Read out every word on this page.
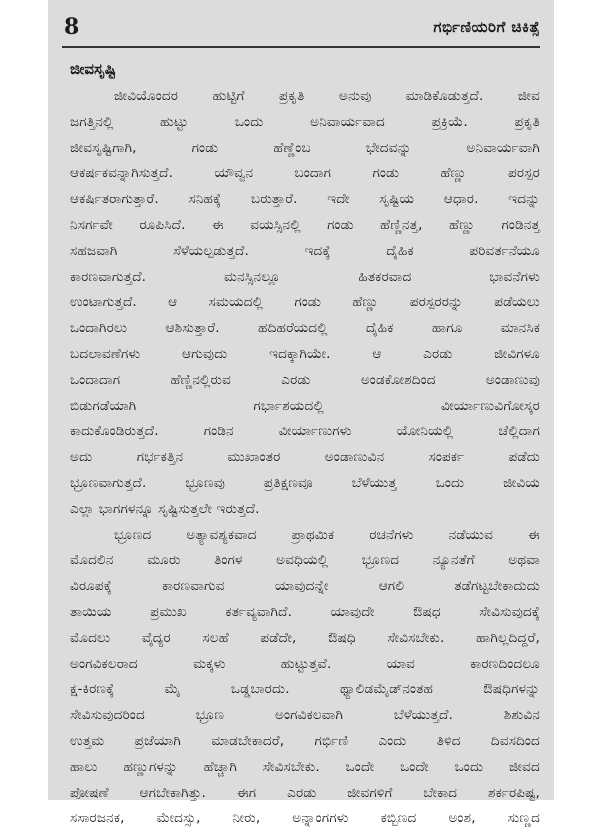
8	ಗರ್ಭಿಣಿಯರಿಗೆ ಚಿಕಿತ್ಸೆ
ಜೀವಸೃಷ್ಟಿ
ಜೀವಿಯೊಂದರ ಹುಟ್ಟಿಗೆ ಪ್ರಕೃತಿ ಅನುವು ಮಾಡಿಕೊಡುತ್ತದೆ. ಜೀವ
ಜಗತ್ತಿನಲ್ಲಿ ಹುಟ್ಟು ಒಂದು ಅನಿವಾರ್ಯವಾದ ಪ್ರಕ್ರಿಯೆ. ಪ್ರಕೃತಿ
ಜೀವಸೃಷ್ಟಿಗಾಗಿ, ಗಂಡು ಹೆಣ್ಣೆಂಬ ಭೇದವನ್ನು ಅನಿವಾರ್ಯವಾಗಿ
ಆಕರ್ಷಕವನ್ನಾಗಿಸುತ್ತದೆ. ಯೌವ್ವನ ಬಂದಾಗ ಗಂಡು ಹೆಣ್ಣು ಪರಸ್ಪರ
ಆಕರ್ಷಿತರಾಗುತ್ತಾರೆ. ಸನಿಹಕ್ಕೆ ಬರುತ್ತಾರೆ. ಇದೇ ಸೃಷ್ಟಿಯ ಆಧಾರ. ಇದನ್ನು
ನಿಸರ್ಗವೇ ರೂಪಿಸಿದೆ. ಈ ವಯಸ್ಸಿನಲ್ಲಿ ಗಂಡು ಹೆಣ್ಣಿನತ್ತ, ಹೆಣ್ಣು ಗಂಡಿನತ್ತ
ಸಹಜವಾಗಿ ಸೆಳೆಯಲ್ಪಡುತ್ತದೆ. ಇದಕ್ಕೆ ದೈಹಿಕ ಪರಿವರ್ತನೆಯೂ
ಕಾರಣವಾಗುತ್ತದೆ. ಮನಸ್ಸಿನಲ್ಲೂ ಹಿತಕರವಾದ ಭಾವನೆಗಳು
ಉಂಟಾಗುತ್ತದೆ. ಆ ಸಮಯದಲ್ಲಿ ಗಂಡು ಹೆಣ್ಣು ಪರಸ್ಪರರನ್ನು ಪಡೆಯಲು
ಒಂದಾಗಿರಲು ಆಶಿಸುತ್ತಾರೆ. ಹದಿಹರೆಯದಲ್ಲಿ ದೈಹಿಕ ಹಾಗೂ ಮಾನಸಿಕ
ಬದಲಾವಣೆಗಳು ಆಗುವುದು ಇದಕ್ಕಾಗಿಯೇ. ಆ ಎರಡು ಜೀವಿಗಳೂ
ಒಂದಾದಾಗ ಹೆಣ್ಣಿನಲ್ಲಿರುವ ಎರಡು ಅಂಡಕೋಶದಿಂದ ಅಂಡಾಣುವು
ಬಿಡುಗಡೆಯಾಗಿ ಗರ್ಭಾಶಯದಲ್ಲಿ ವೀರ್ಯಾಣುವಿಗೋಸ್ಕರ
ಕಾದುಕೊಂಡಿರುತ್ತದೆ. ಗಂಡಿನ ವೀರ್ಯಾಣುಗಳು ಯೋನಿಯಲ್ಲಿ ಚೆಲ್ಲಿದಾಗ
ಅದು ಗರ್ಭಕತ್ತಿನ ಮುಖಾಂತರ ಅಂಡಾಣುವಿನ ಸಂಪರ್ಕ ಪಡೆದು
ಭ್ರೂಣವಾಗುತ್ತದೆ. ಭ್ರೂಣವು ಪ್ರತಿಕ್ಷಣವೂ ಬೆಳೆಯುತ್ತ ಒಂದು ಜೀವಿಯ
ಎಲ್ಲಾ ಭಾಗಗಳನ್ನೂ ಸೃಷ್ಟಿಸುತ್ತಲೇ ಇರುತ್ತದೆ.
ಭ್ರೂಣದ ಅತ್ಯಾವಶ್ಯಕವಾದ ಪ್ರಾಥಮಿಕ ರಚನೆಗಳು ನಡೆಯುವ ಈ
ಮೊದಲಿನ ಮೂರು ತಿಂಗಳ ಅವಧಿಯಲ್ಲಿ ಭ್ರೂಣದ ನ್ಯೂನತೆಗೆ ಅಥವಾ
ವಿರೂಪಕ್ಕೆ ಕಾರಣವಾಗುವ ಯಾವುದನ್ನೇ ಆಗಲಿ ತಡೆಗಟ್ಟಬೇಕಾದುದು
ತಾಯಿಯ ಪ್ರಮುಖ ಕರ್ತವ್ಯವಾಗಿದೆ. ಯಾವುದೇ ಔಷಧ ಸೇವಿಸುವುದಕ್ಕೆ
ಮೊದಲು ವೈದ್ಯರ ಸಲಹೆ ಪಡೆದೇ, ಔಷಧಿ ಸೇವಿಸಬೇಕು. ಹಾಗಿಲ್ಲದಿದ್ದರೆ,
ಅಂಗವಿಕಲರಾದ ಮಕ್ಕಳು ಹುಟ್ಟುತ್ತವೆ. ಯಾವ ಕಾರಣದಿಂದಲೂ
ಕ್ಷ-ಕಿರಣಕ್ಕೆ ಮೈ ಒಡ್ಡಬಾರದು. ಥ್ಯಾಲಿಡಮೈಡ್‌ನಂತಹ ಔಷಧಿಗಳನ್ನು
ಸೇವಿಸುವುದರಿಂದ ಭ್ರೂಣ ಅಂಗವಿಕಲವಾಗಿ ಬೆಳೆಯುತ್ತದೆ. ಶಿಶುವಿನ
ಉತ್ತಮ ಪ್ರಜೆಯಾಗಿ ಮಾಡಬೇಕಾದರೆ, ಗರ್ಭಿಣಿ ಎಂದು ತಿಳಿದ ದಿವಸದಿಂದ
ಹಾಲು ಹಣ್ಣುಗಳನ್ನು ಹೆಚ್ಚಾಗಿ ಸೇವಿಸಬೇಕು. ಒಂದೇ ಒಂದೇ ಒಂದು ಜೀವದ
ಪೋಷಣೆ ಆಗಬೇಕಾಗಿತ್ತು. ಈಗ ಎರಡು ಜೀವಗಳಿಗೆ ಬೇಕಾದ ಶರ್ಕರಪಿಷ್ಟ,
ಸಸಾರಜನಕ, ಮೇದಸ್ಸು, ನೀರು, ಅನ್ನಾಂಗಗಳು ಕಬ್ಬಿಣದ ಅಂಶ, ಸುಣ್ಣದ
